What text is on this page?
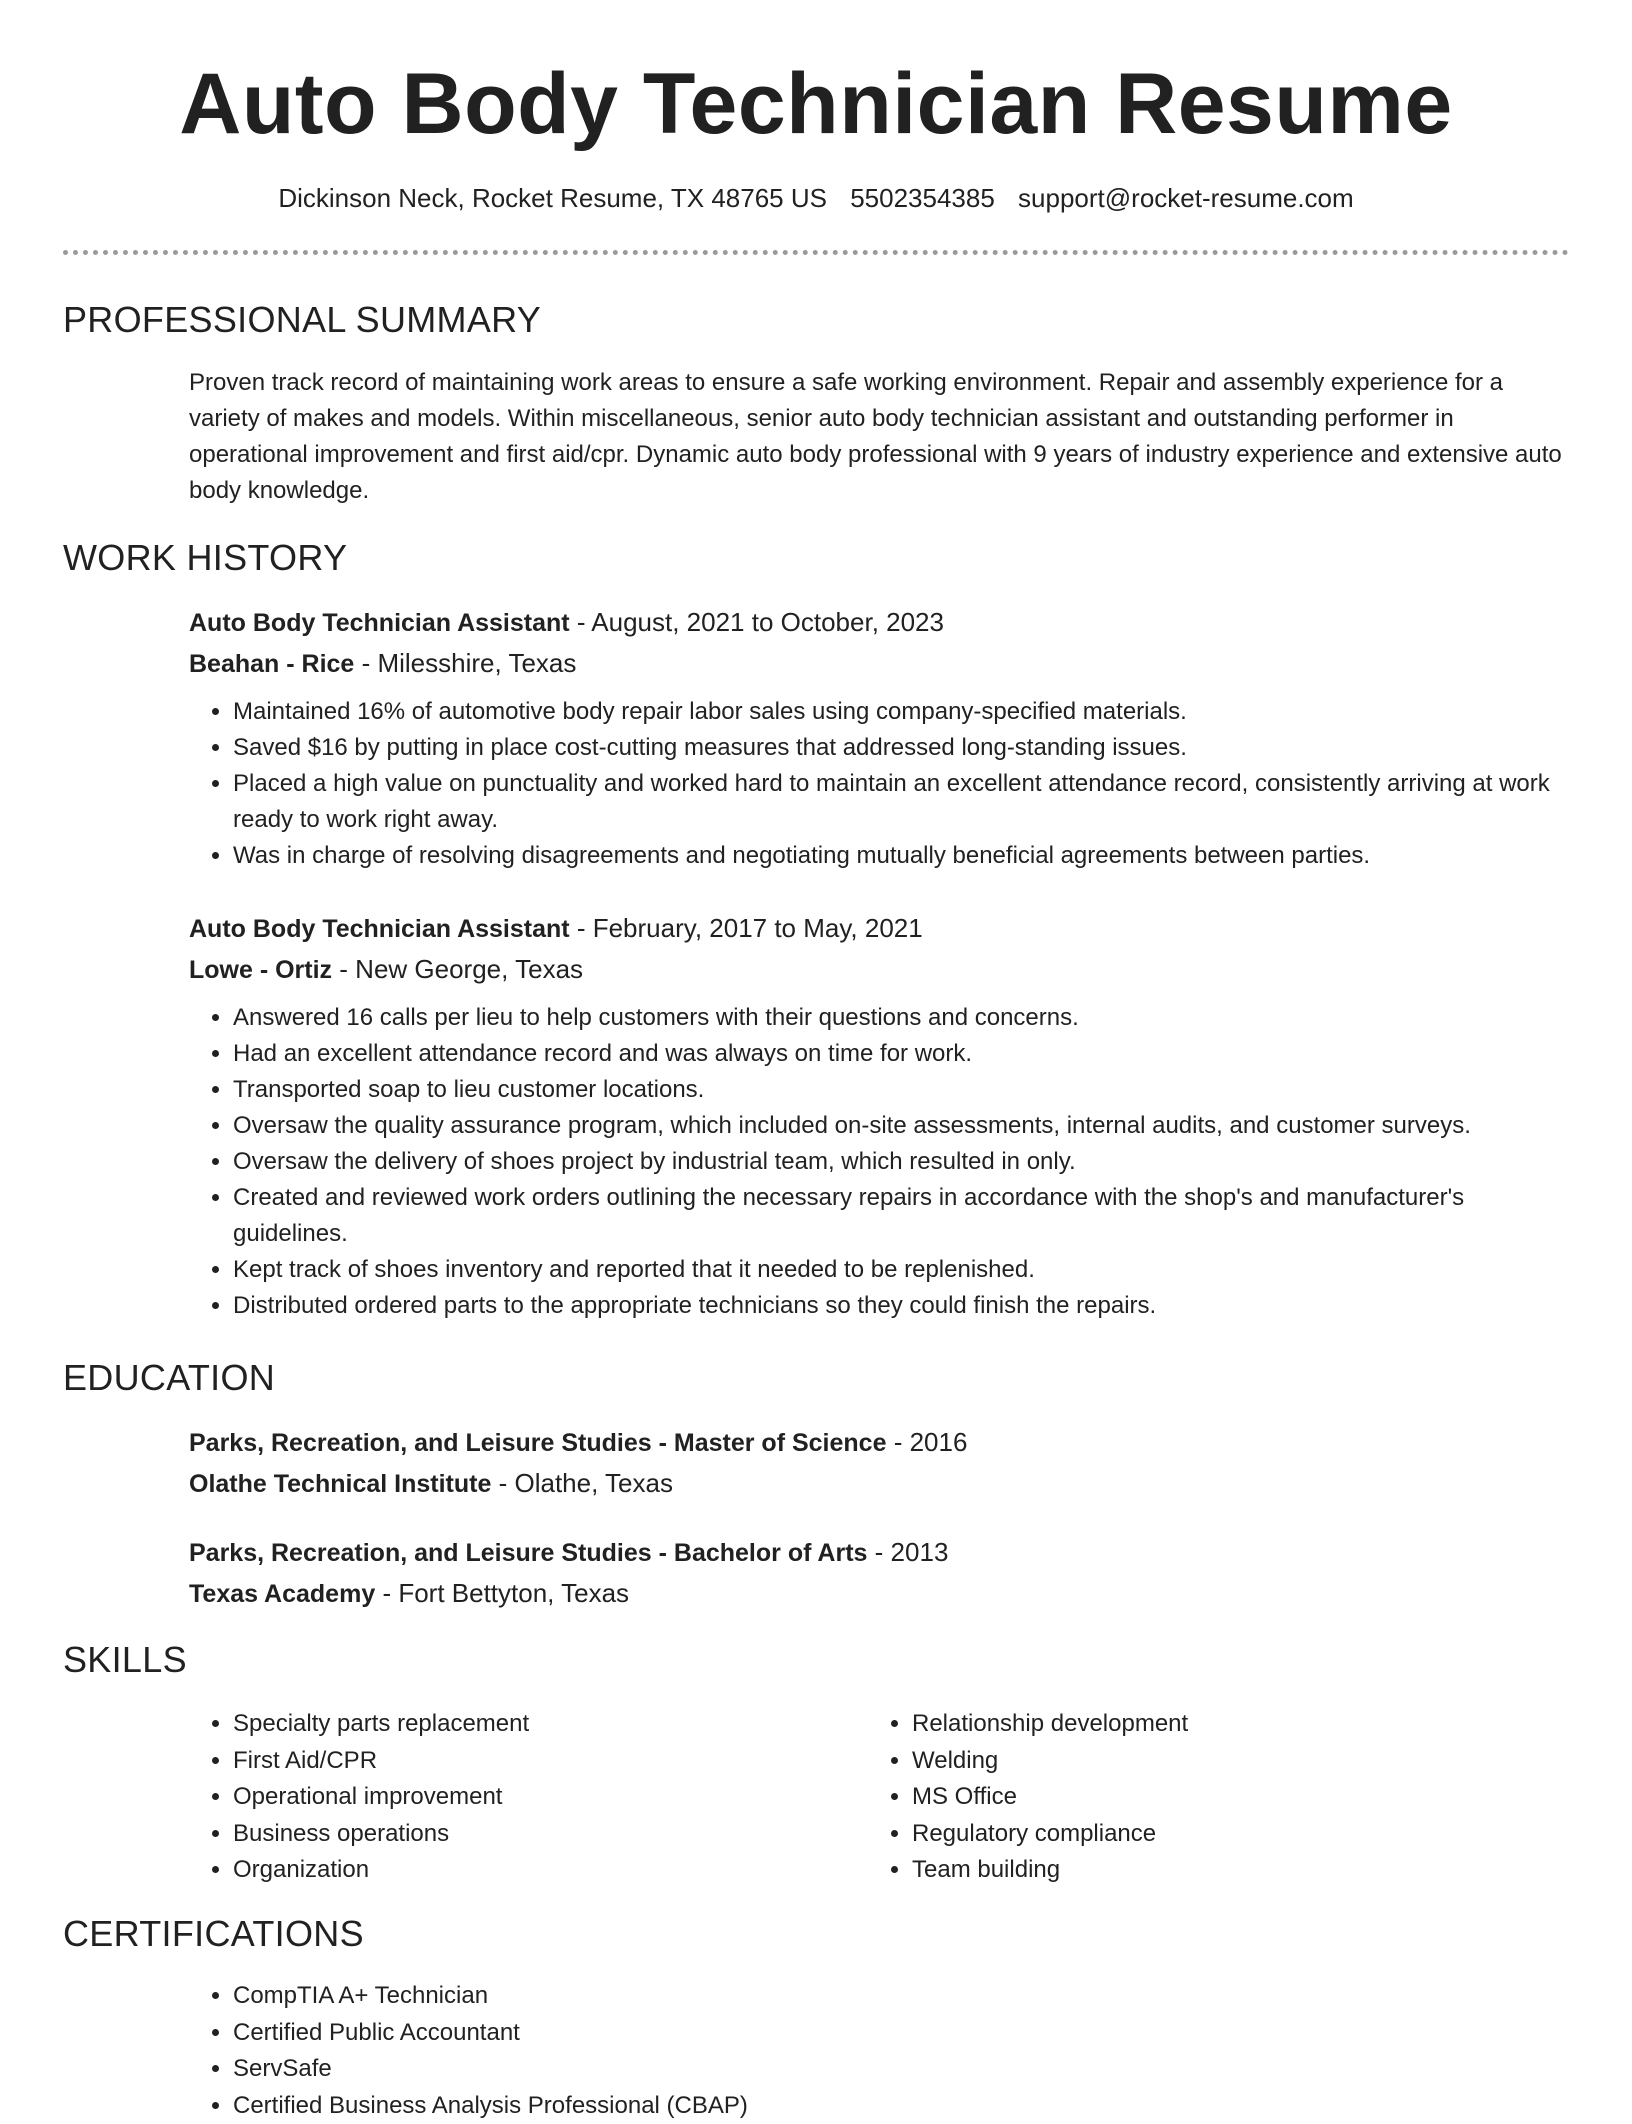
Auto Body Technician Resume
Dickinson Neck, Rocket Resume, TX 48765 US 5502354385 support@rocket-resume.com
PROFESSIONAL SUMMARY

Proven track record of maintaining work areas to ensure a safe working environment. Repair and assembly experience for a variety of makes and models. Within miscellaneous, senior auto body technician assistant and outstanding performer in operational improvement and first aid/cpr. Dynamic auto body professional with 9 years of industry experience and extensive auto body knowledge.

WORK HISTORY

Auto Body Technician Assistant - August, 2021 to October, 2023

Beahan - Rice - Milesshire, Texas

• Maintained 16% of automotive body repair labor sales using company-specified materials.
• Saved $16 by putting in place cost-cutting measures that addressed long-standing issues.
• Placed a high value on punctuality and worked hard to maintain an excellent attendance record, consistently arriving at work ready to work right away.
• Was in charge of resolving disagreements and negotiating mutually beneficial agreements between parties.

Auto Body Technician Assistant - February, 2017 to May, 2021

Lowe - Ortiz - New George, Texas

• Answered 16 calls per lieu to help customers with their questions and concerns.
• Had an excellent attendance record and was always on time for work.
• Transported soap to lieu customer locations.
• Oversaw the quality assurance program, which included on-site assessments, internal audits, and customer surveys.
• Oversaw the delivery of shoes project by industrial team, which resulted in only.
• Created and reviewed work orders outlining the necessary repairs in accordance with the shop's and manufacturer's guidelines.
• Kept track of shoes inventory and reported that it needed to be replenished.
• Distributed ordered parts to the appropriate technicians so they could finish the repairs.
EDUCATION

Parks, Recreation, and Leisure Studies - Master of Science - 2016

Olathe Technical Institute - Olathe, Texas

Parks, Recreation, and Leisure Studies - Bachelor of Arts - 2013

Texas Academy - Fort Bettyton, Texas

SKILLS
• Specialty parts replacement
• First Aid/CPR
• Operational improvement
• Business operations
• Organization
• Relationship development
• Welding
• MS Office
• Regulatory compliance
• Team building
CERTIFICATIONS
• CompTIA A+ Technician
• Certified Public Accountant
• ServSafe
• Certified Business Analysis Professional (CBAP)
